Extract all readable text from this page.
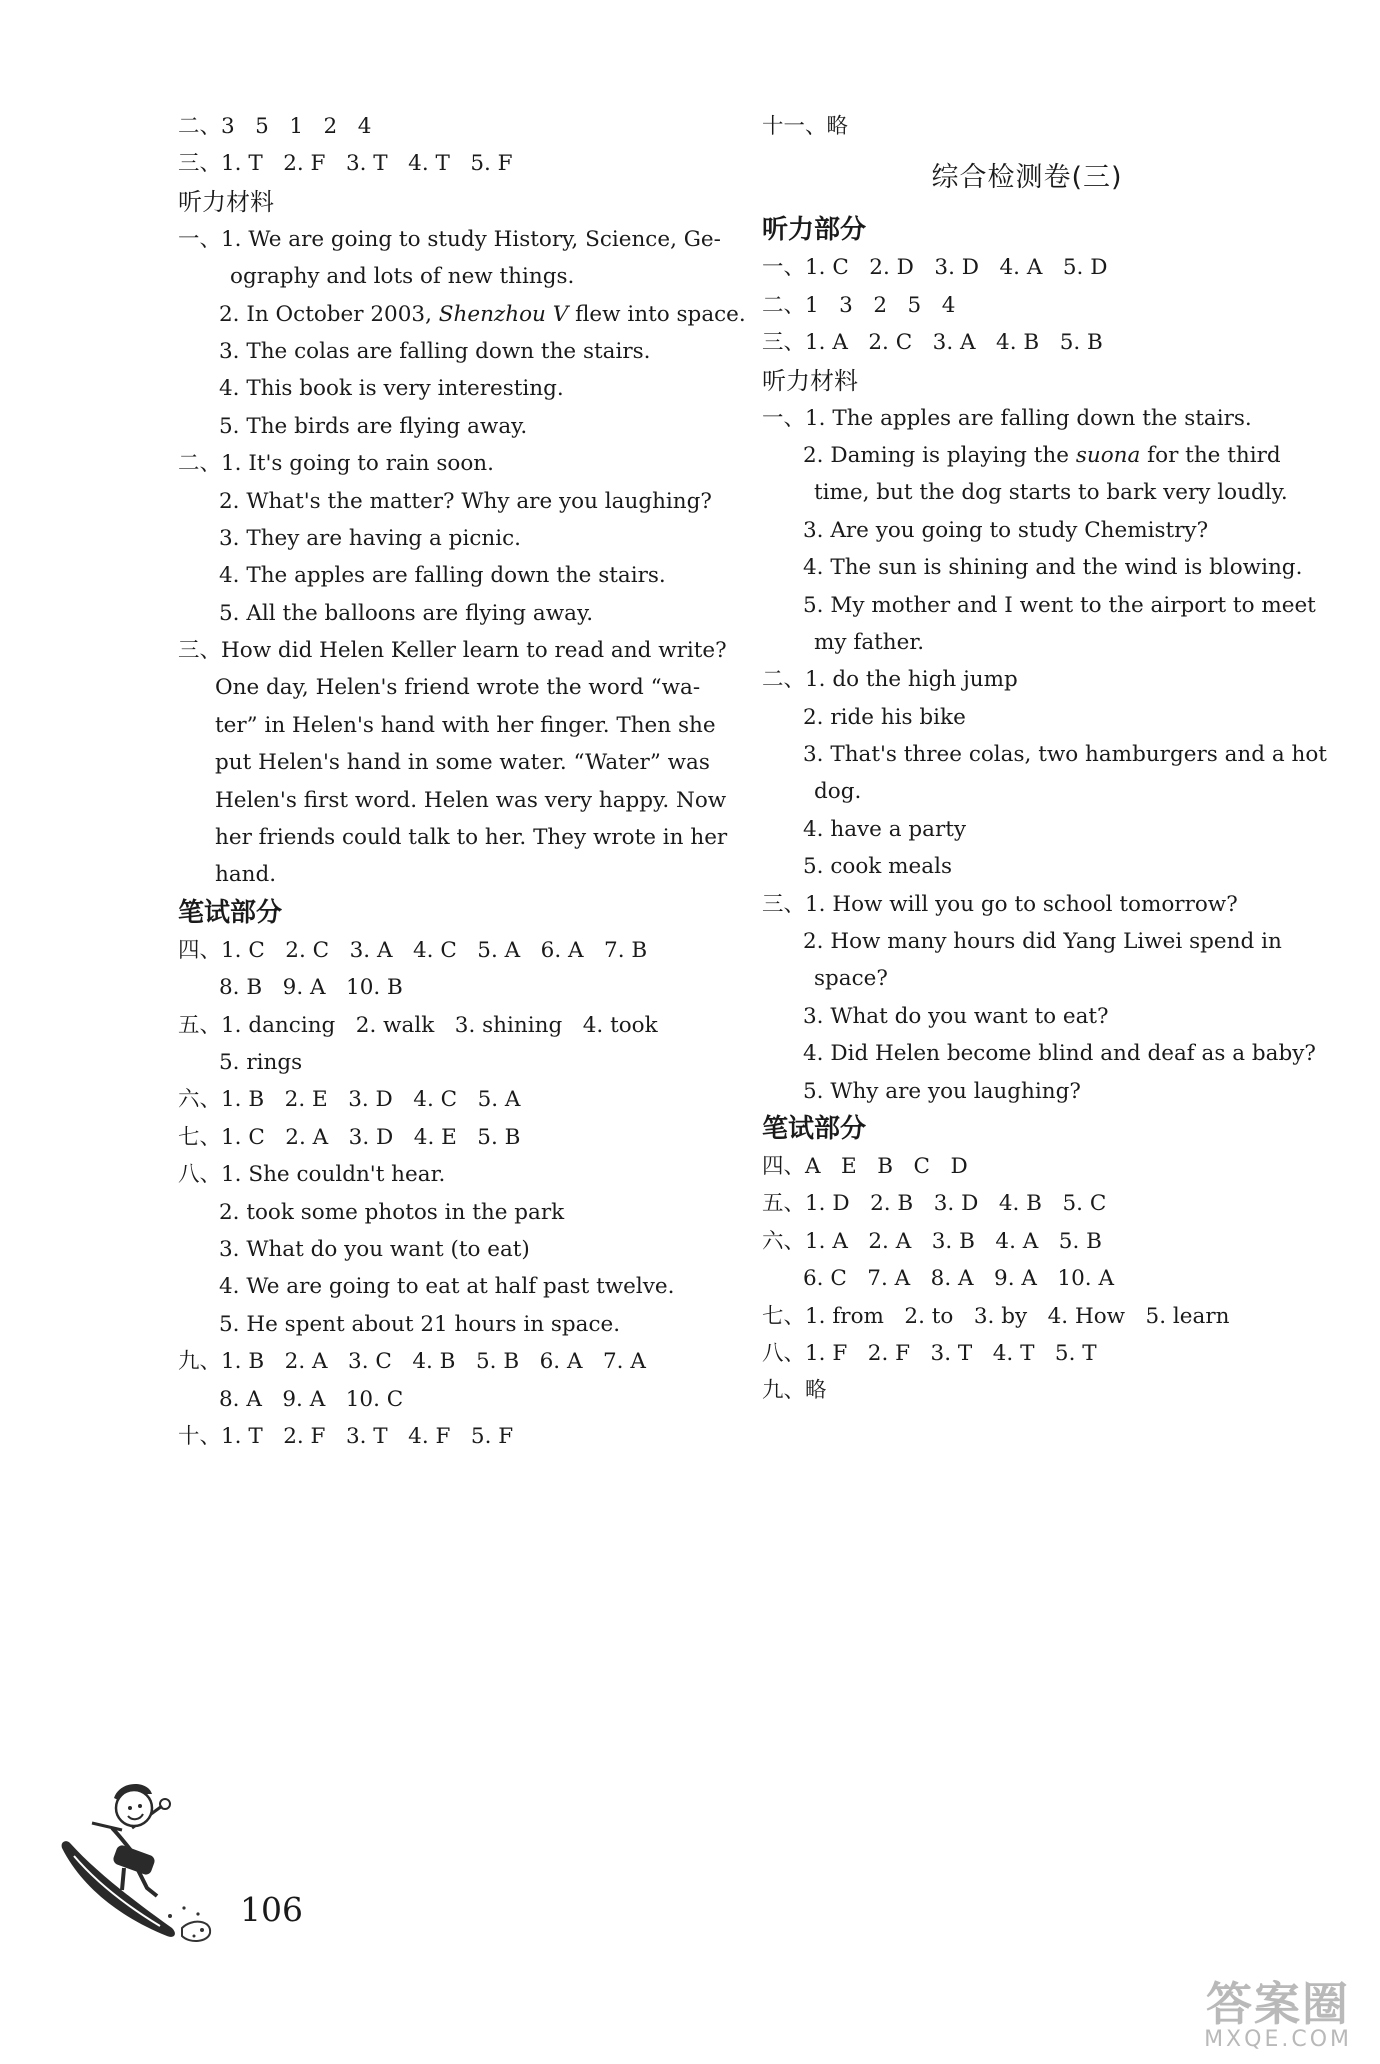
二、3   5   1   2   4
三、1. T   2. F   3. T   4. T   5. F
听力材料
一、1. We are going to study History, Science, Ge-
ography and lots of new things.
2. In October 2003, Shenzhou V flew into space.
3. The colas are falling down the stairs.
4. This book is very interesting.
5. The birds are flying away.
二、1. It's going to rain soon.
2. What's the matter? Why are you laughing?
3. They are having a picnic.
4. The apples are falling down the stairs.
5. All the balloons are flying away.
三、How did Helen Keller learn to read and write?
One day, Helen's friend wrote the word “wa-
ter” in Helen's hand with her finger. Then she
put Helen's hand in some water. “Water” was
Helen's first word. Helen was very happy. Now
her friends could talk to her. They wrote in her
hand.
笔试部分
四、1. C   2. C   3. A   4. C   5. A   6. A   7. B
8. B   9. A   10. B
五、1. dancing   2. walk   3. shining   4. took
5. rings
六、1. B   2. E   3. D   4. C   5. A
七、1. C   2. A   3. D   4. E   5. B
八、1. She couldn't hear.
2. took some photos in the park
3. What do you want (to eat)
4. We are going to eat at half past twelve.
5. He spent about 21 hours in space.
九、1. B   2. A   3. C   4. B   5. B   6. A   7. A
8. A   9. A   10. C
十、1. T   2. F   3. T   4. F   5. F
十一、略
综合检测卷(三)
听力部分
一、1. C   2. D   3. D   4. A   5. D
二、1   3   2   5   4
三、1. A   2. C   3. A   4. B   5. B
听力材料
一、1. The apples are falling down the stairs.
2. Daming is playing the suona for the third
time, but the dog starts to bark very loudly.
3. Are you going to study Chemistry?
4. The sun is shining and the wind is blowing.
5. My mother and I went to the airport to meet
my father.
二、1. do the high jump
2. ride his bike
3. That's three colas, two hamburgers and a hot
dog.
4. have a party
5. cook meals
三、1. How will you go to school tomorrow?
2. How many hours did Yang Liwei spend in
space?
3. What do you want to eat?
4. Did Helen become blind and deaf as a baby?
5. Why are you laughing?
笔试部分
四、A   E   B   C   D
五、1. D   2. B   3. D   4. B   5. C
六、1. A   2. A   3. B   4. A   5. B
6. C   7. A   8. A   9. A   10. A
七、1. from   2. to   3. by   4. How   5. learn
八、1. F   2. F   3. T   4. T   5. T
九、略
106
答案圈
MXQE.COM
